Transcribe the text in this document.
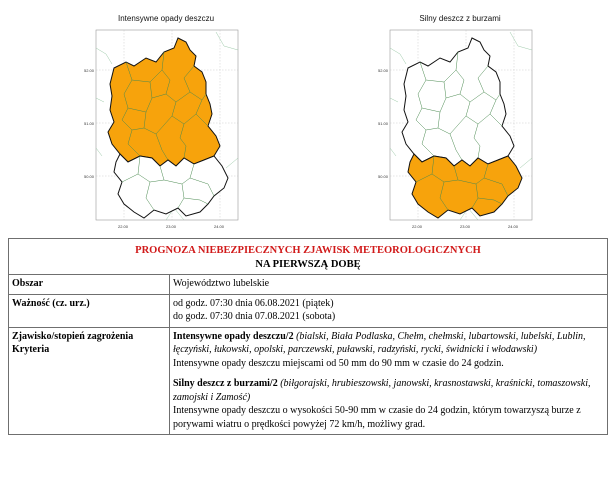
Intensywne opady deszczu
52.00
51.00
50.00
22.00	23.00	24.00
Silny deszcz z burzami
52.00
51.00
50.00
22.00	23.00	24.00
PROGNOZA NIEBEZPIECZNYCH ZJAWISK METEOROLOGICZNYCH
NA PIERWSZĄ DOBĘ	

Obszar	Województwo lubelskie
Ważność (cz. urz.)	od godz. 07:30 dnia 06.08.2021 (piątek)
do godz. 07:30 dnia 07.08.2021 (sobota)

Zjawisko/stopień zagrożenia
Kryteria	Intensywne opady deszczu/2 (bialski, Biała Podlaska, Chełm, chełmski, lubartowski, lubelski, Lublin, łęczyński, łukowski, opolski, parczewski, puławski, radzyński, rycki, świdnicki i włodawski)
Intensywne opady deszczu miejscami od 50 mm do 90 mm w czasie do 24 godzin.
Silny deszcz z burzami/2 (biłgorajski, hrubieszowski, janowski, krasnostawski, kraśnicki, tomaszowski, zamojski i Zamość)
Intensywne opady deszczu o wysokości 50-90 mm w czasie do 24 godzin, którym towarzyszą burze z porywami wiatru o prędkości powyżej 72 km/h, możliwy grad.
